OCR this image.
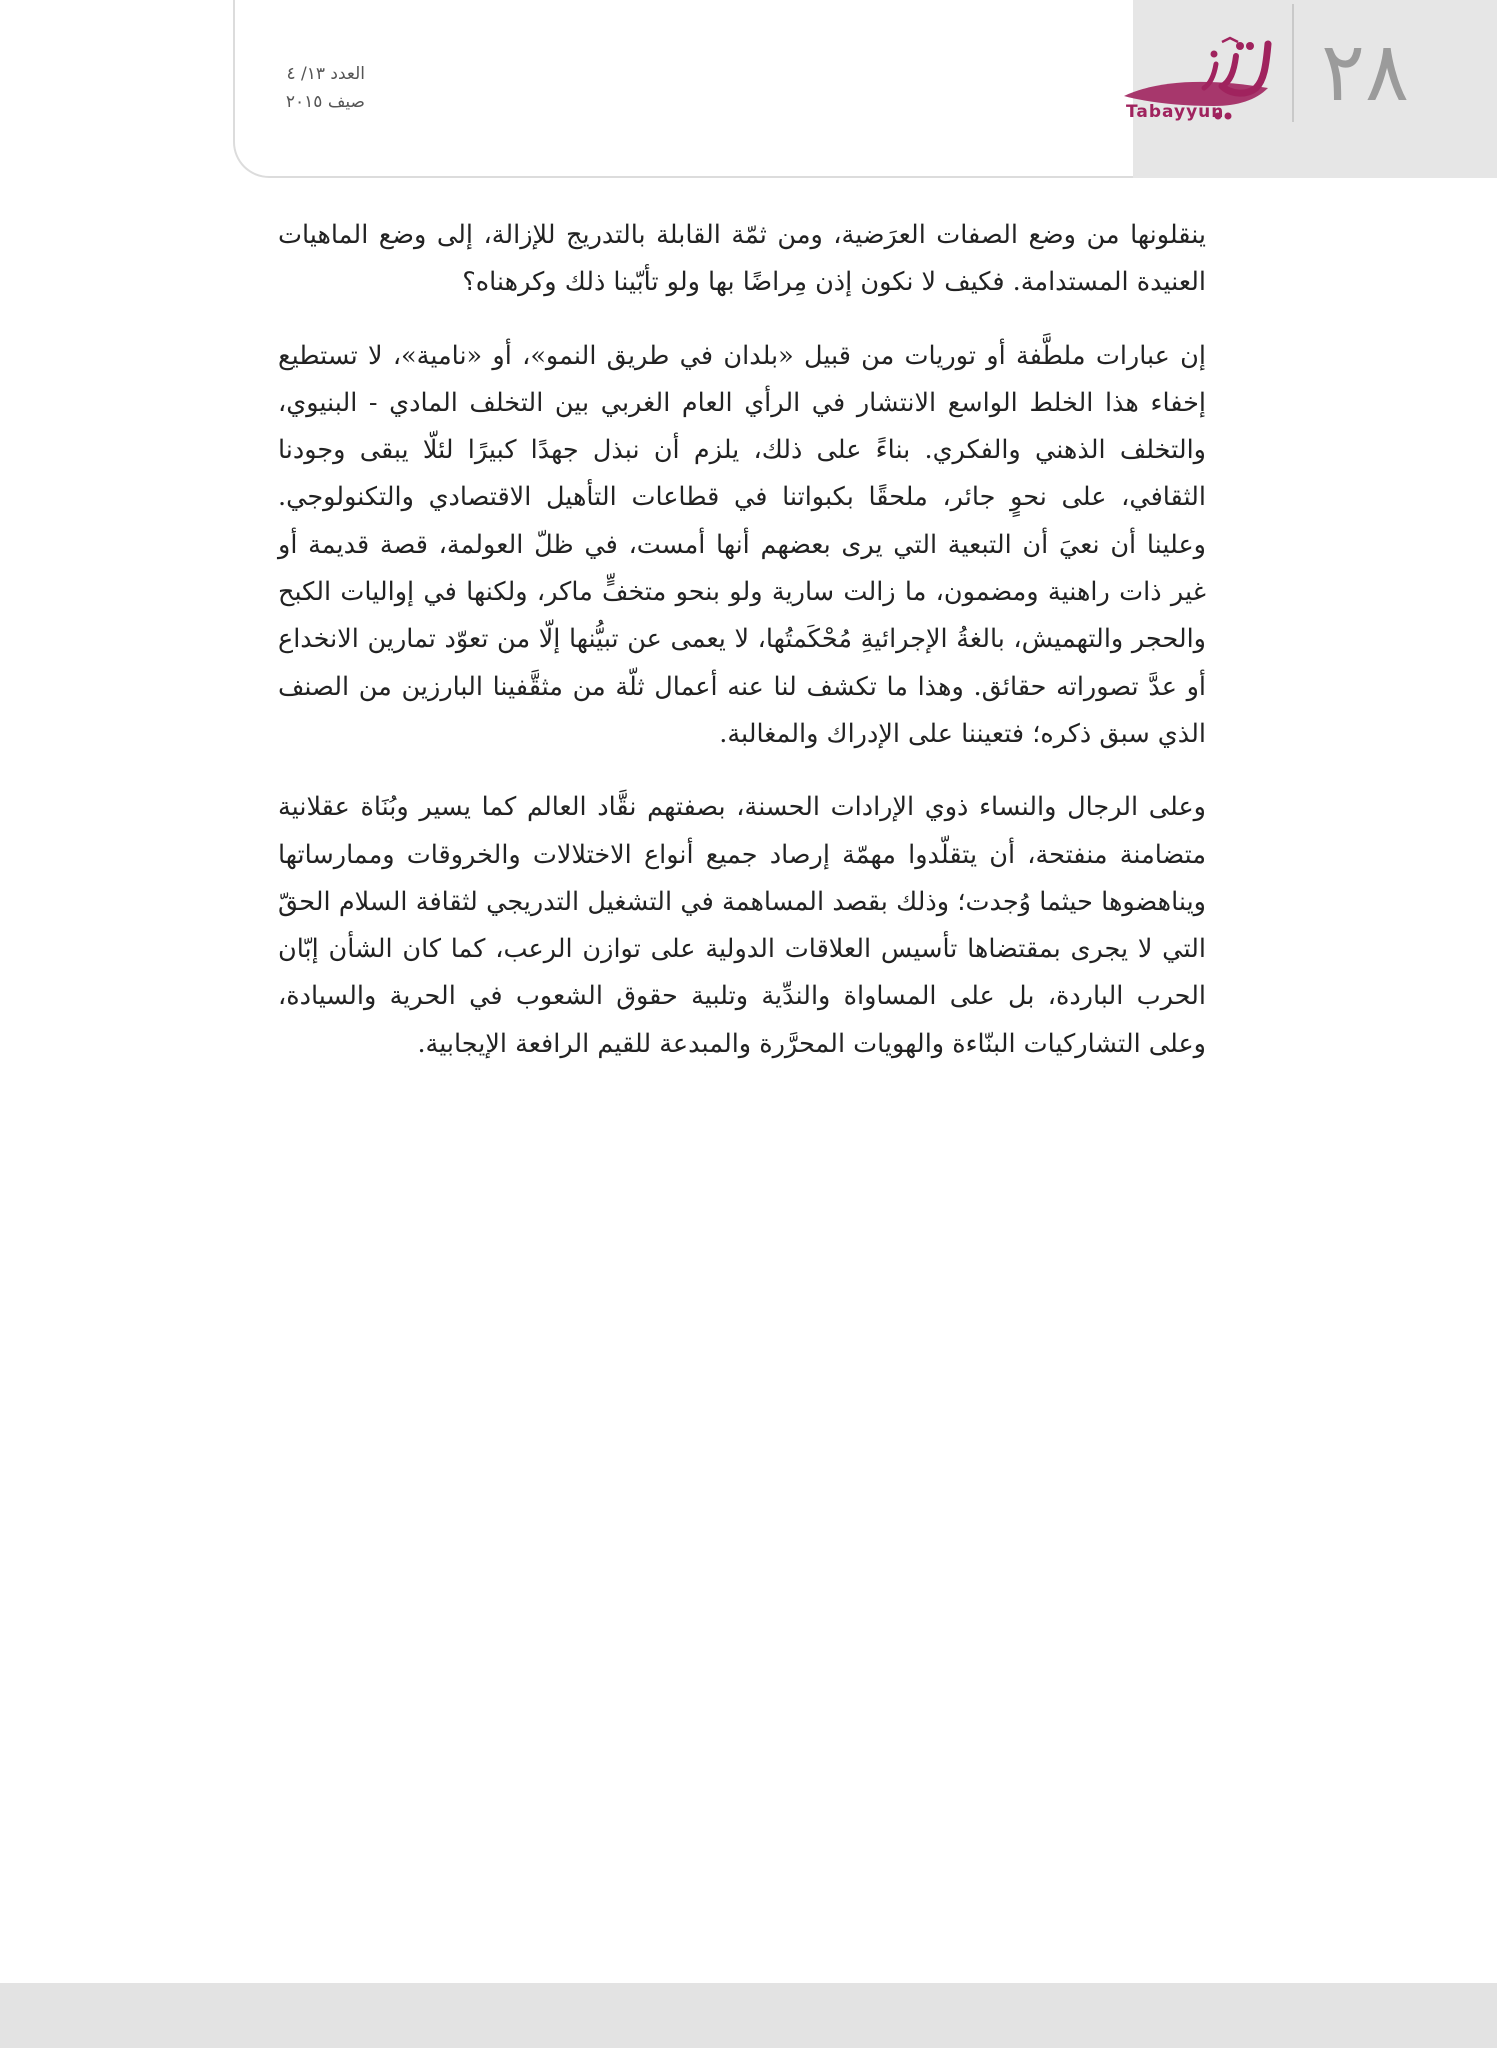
٢٨
Tabayyun
العدد ١٣/ ٤
صيف ٢٠١٥

ينقلونها من وضع الصفات العرَضية، ومن ثمّة القابلة بالتدريج للإزالة، إلى وضع الماهيات العنيدة المستدامة. فكيف لا نكون إذن مِراضًا بها ولو تأبّينا ذلك وكرهناه؟

إن عبارات ملطَّفة أو توريات من قبيل «بلدان في طريق النمو»، أو «نامية»، لا تستطيع إخفاء هذا الخلط الواسع الانتشار في الرأي العام الغربي بين التخلف المادي - البنيوي، والتخلف الذهني والفكري. بناءً على ذلك، يلزم أن نبذل جهدًا كبيرًا لئلّا يبقى وجودنا الثقافي، على نحوٍ جائر، ملحقًا بكبواتنا في قطاعات التأهيل الاقتصادي والتكنولوجي. وعلينا أن نعيَ أن التبعية التي يرى بعضهم أنها أمست، في ظلّ العولمة، قصة قديمة أو غير ذات راهنية ومضمون، ما زالت سارية ولو بنحو متخفٍّ ماكر، ولكنها في إواليات الكبح والحجر والتهميش، بالغةُ الإجرائيةِ مُحْكَمتُها، لا يعمى عن تبيُّنها إلّا من تعوّد تمارين الانخداع أو عدَّ تصوراته حقائق. وهذا ما تكشف لنا عنه أعمال ثلّة من مثقَّفينا البارزين من الصنف الذي سبق ذكره؛ فتعيننا على الإدراك والمغالبة.

وعلى الرجال والنساء ذوي الإرادات الحسنة، بصفتهم نقَّاد العالم كما يسير وبُنَاة عقلانية متضامنة منفتحة، أن يتقلّدوا مهمّة إرصاد جميع أنواع الاختلالات والخروقات وممارساتها ويناهضوها حيثما وُجدت؛ وذلك بقصد المساهمة في التشغيل التدريجي لثقافة السلام الحقّ التي لا يجرى بمقتضاها تأسيس العلاقات الدولية على توازن الرعب، كما كان الشأن إبّان الحرب الباردة، بل على المساواة والندِّية وتلبية حقوق الشعوب في الحرية والسيادة، وعلى التشاركيات البنّاءة والهويات المحرَّرة والمبدعة للقيم الرافعة الإيجابية.
